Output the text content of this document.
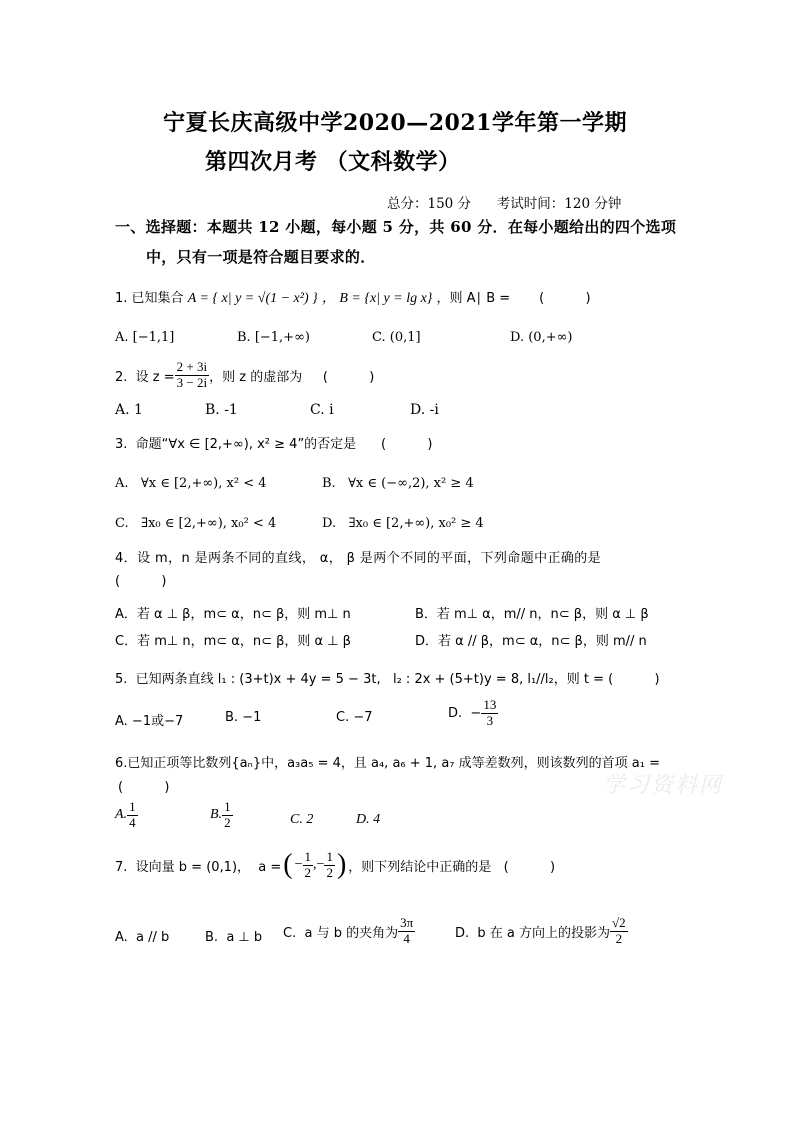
宁夏长庆高级中学2020—2021学年第一学期
第四次月考 （文科数学）
总分：150 分      考试时间：120 分钟
一、选择题：本题共 12 小题，每小题 5 分，共 60 分．在每小题给出的四个选项
中，只有一项是符合题目要求的．
1. 已知集合 A = { x| y = √(1 − x²) } ， B = {x| y = lg x} ，则 A∣ B =       (          )
A. [−1,1]	B. [−1,+∞)	C. (0,1]	D. (0,+∞)
2.  设 $z = \frac{2 + 3i}{3 - 2i}$ ，则 z 的虚部为     (          )
A. 1	B. -1	C. i	D. -i
3.  命题“∀x ∈ [2,+∞), x² ≥ 4”的否定是      (          )
A.   ∀x ∈ [2,+∞), x² < 4	B.   ∀x ∈ (−∞,2), x² ≥ 4
C.   ∃x₀ ∈ [2,+∞), x₀² < 4	D.   ∃x₀ ∈ [2,+∞), x₀² ≥ 4
4．设 m，n 是两条不同的直线， α， β 是两个不同的平面，下列命题中正确的是
(          )
A．若 α ⊥ β，m⊂ α，n⊂ β，则 m⊥ n	B．若 m⊥ α，m// n，n⊂ β，则 α ⊥ β
C．若 m⊥ n，m⊂ α，n⊂ β，则 α ⊥ β	D．若 α // β，m⊂ α，n⊂ β，则 m// n
5.  已知两条直线 l₁ : (3+t)x + 4y = 5 − 3t,   l₂ : 2x + (5+t)y = 8, l₁//l₂，则 t = (          )
A. −1或−7	B. −1	C. −7	D.  − $\frac{13}{3}$
6.已知正项等比数列{aₙ}中，a₃a₅ = 4，且 a₄, a₆ + 1, a₇ 成等差数列，则该数列的首项 a₁ =
(          )
A. $\frac{1}{4}$	B. $\frac{1}{2}$	C. 2	D. 4
7.  设向量 b = (0,1)，  a = ( − $\frac{1}{2}$ ,− $\frac{1}{2}$ ) ，则下列结论中正确的是   (          )
A.  a // b	B.  a ⊥ b C.  a 与 b 的夹角为 $\frac{3\pi}{4}$	D.  b 在 a 方向上的投影为 $\frac{√2}{2}$
学习资料网
